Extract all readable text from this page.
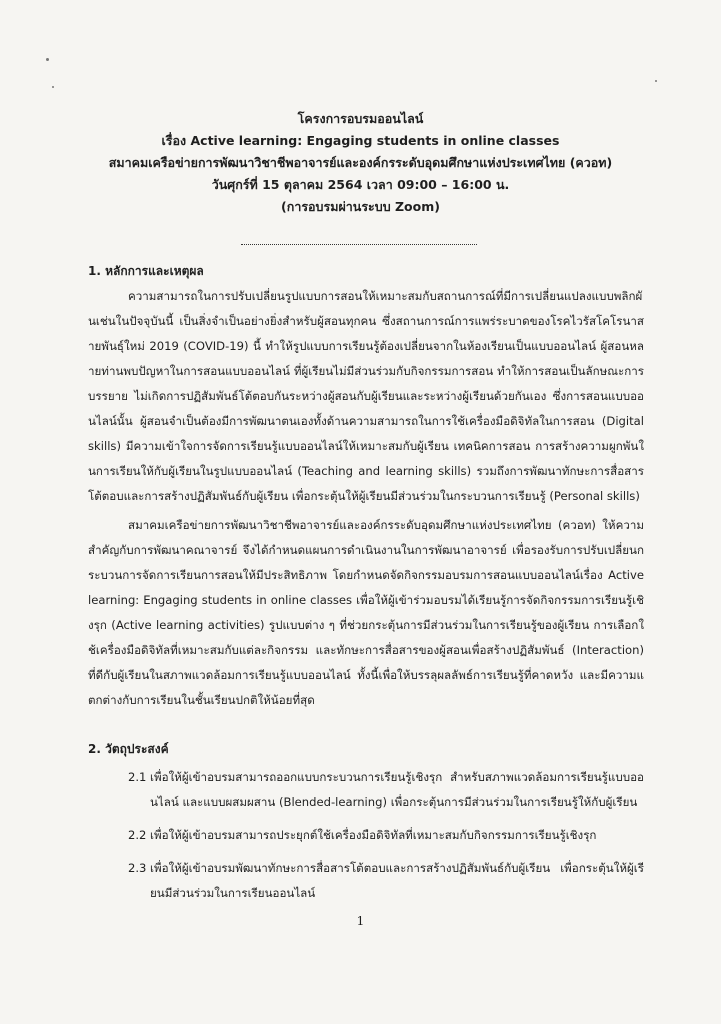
โครงการอบรมออนไลน์
เรื่อง Active learning: Engaging students in online classes
สมาคมเครือข่ายการพัฒนาวิชาชีพอาจารย์และองค์กรระดับอุดมศึกษาแห่งประเทศไทย (ควอท)
วันศุกร์ที่ 15 ตุลาคม 2564 เวลา 09:00 – 16:00 น.
(การอบรมผ่านระบบ Zoom)
1. หลักการและเหตุผล
ความสามารถในการปรับเปลี่ยนรูปแบบการสอนให้เหมาะสมกับสถานการณ์ที่มีการเปลี่ยนแปลงแบบพลิกผันเช่นในปัจจุบันนี้ เป็นสิ่งจำเป็นอย่างยิ่งสำหรับผู้สอนทุกคน ซึ่งสถานการณ์การแพร่ระบาดของโรคไวรัสโคโรนาสายพันธุ์ใหม่ 2019 (COVID-19) นี้ ทำให้รูปแบบการเรียนรู้ต้องเปลี่ยนจากในห้องเรียนเป็นแบบออนไลน์ ผู้สอนหลายท่านพบปัญหาในการสอนแบบออนไลน์ ที่ผู้เรียนไม่มีส่วนร่วมกับกิจกรรมการสอน ทำให้การสอนเป็นลักษณะการบรรยาย ไม่เกิดการปฏิสัมพันธ์โต้ตอบกันระหว่างผู้สอนกับผู้เรียนและระหว่างผู้เรียนด้วยกันเอง ซึ่งการสอนแบบออนไลน์นั้น ผู้สอนจำเป็นต้องมีการพัฒนาตนเองทั้งด้านความสามารถในการใช้เครื่องมือดิจิทัลในการสอน (Digital skills) มีความเข้าใจการจัดการเรียนรู้แบบออนไลน์ให้เหมาะสมกับผู้เรียน เทคนิคการสอน การสร้างความผูกพันในการเรียนให้กับผู้เรียนในรูปแบบออนไลน์ (Teaching and learning skills) รวมถึงการพัฒนาทักษะการสื่อสาร โต้ตอบและการสร้างปฏิสัมพันธ์กับผู้เรียน เพื่อกระตุ้นให้ผู้เรียนมีส่วนร่วมในกระบวนการเรียนรู้ (Personal skills)
สมาคมเครือข่ายการพัฒนาวิชาชีพอาจารย์และองค์กรระดับอุดมศึกษาแห่งประเทศไทย (ควอท) ให้ความสำคัญกับการพัฒนาคณาจารย์ จึงได้กำหนดแผนการดำเนินงานในการพัฒนาอาจารย์ เพื่อรองรับการปรับเปลี่ยนกระบวนการจัดการเรียนการสอนให้มีประสิทธิภาพ โดยกำหนดจัดกิจกรรมอบรมการสอนแบบออนไลน์เรื่อง Active learning: Engaging students in online classes เพื่อให้ผู้เข้าร่วมอบรมได้เรียนรู้การจัดกิจกรรมการเรียนรู้เชิงรุก (Active learning activities) รูปแบบต่าง ๆ ที่ช่วยกระตุ้นการมีส่วนร่วมในการเรียนรู้ของผู้เรียน การเลือกใช้เครื่องมือดิจิทัลที่เหมาะสมกับแต่ละกิจกรรม และทักษะการสื่อสารของผู้สอนเพื่อสร้างปฏิสัมพันธ์ (Interaction) ที่ดีกับผู้เรียนในสภาพแวดล้อมการเรียนรู้แบบออนไลน์ ทั้งนี้เพื่อให้บรรลุผลลัพธ์การเรียนรู้ที่คาดหวัง และมีความแตกต่างกับการเรียนในชั้นเรียนปกติให้น้อยที่สุด
2. วัตถุประสงค์
2.1 เพื่อให้ผู้เข้าอบรมสามารถออกแบบกระบวนการเรียนรู้เชิงรุก สำหรับสภาพแวดล้อมการเรียนรู้แบบออนไลน์ และแบบผสมผสาน (Blended-learning) เพื่อกระตุ้นการมีส่วนร่วมในการเรียนรู้ให้กับผู้เรียน
2.2 เพื่อให้ผู้เข้าอบรมสามารถประยุกต์ใช้เครื่องมือดิจิทัลที่เหมาะสมกับกิจกรรมการเรียนรู้เชิงรุก
2.3 เพื่อให้ผู้เข้าอบรมพัฒนาทักษะการสื่อสารโต้ตอบและการสร้างปฏิสัมพันธ์กับผู้เรียน เพื่อกระตุ้นให้ผู้เรียนมีส่วนร่วมในการเรียนออนไลน์
1
